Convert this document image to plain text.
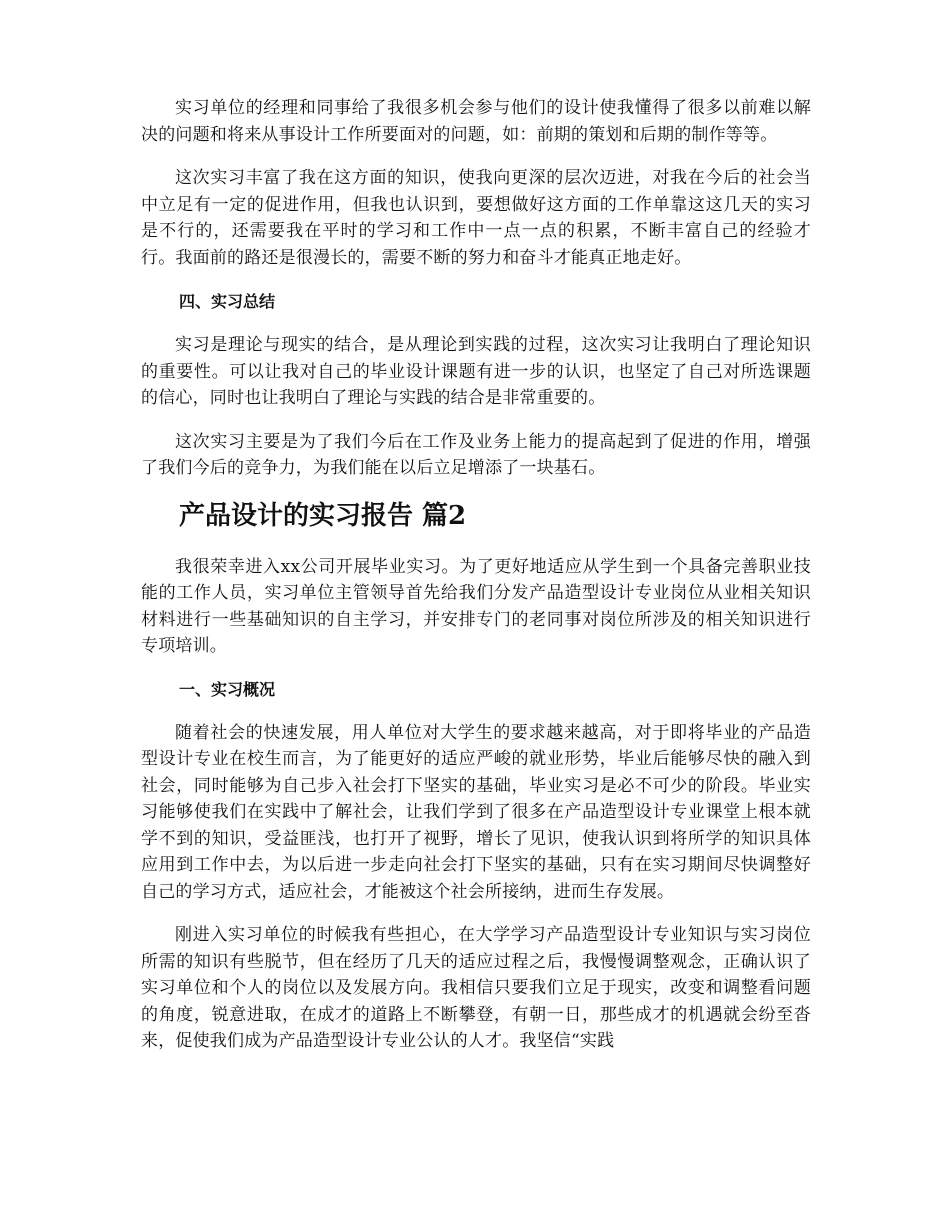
实习单位的经理和同事给了我很多机会参与他们的设计使我懂得了很多以前难以解决的问题和将来从事设计工作所要面对的问题，如：前期的策划和后期的制作等等。

这次实习丰富了我在这方面的知识，使我向更深的层次迈进，对我在今后的社会当中立足有一定的促进作用，但我也认识到，要想做好这方面的工作单靠这这几天的实习是不行的，还需要我在平时的学习和工作中一点一点的积累，不断丰富自己的经验才行。我面前的路还是很漫长的，需要不断的努力和奋斗才能真正地走好。

四、实习总结

实习是理论与现实的结合，是从理论到实践的过程，这次实习让我明白了理论知识的重要性。可以让我对自己的毕业设计课题有进一步的认识，也坚定了自己对所选课题的信心，同时也让我明白了理论与实践的结合是非常重要的。

这次实习主要是为了我们今后在工作及业务上能力的提高起到了促进的作用，增强了我们今后的竞争力，为我们能在以后立足增添了一块基石。

产品设计的实习报告 篇2

我很荣幸进入xx公司开展毕业实习。为了更好地适应从学生到一个具备完善职业技能的工作人员，实习单位主管领导首先给我们分发产品造型设计专业岗位从业相关知识材料进行一些基础知识的自主学习，并安排专门的老同事对岗位所涉及的相关知识进行专项培训。

一、实习概况

随着社会的快速发展，用人单位对大学生的要求越来越高，对于即将毕业的产品造型设计专业在校生而言，为了能更好的适应严峻的就业形势，毕业后能够尽快的融入到社会，同时能够为自己步入社会打下坚实的基础，毕业实习是必不可少的阶段。毕业实习能够使我们在实践中了解社会，让我们学到了很多在产品造型设计专业课堂上根本就学不到的知识，受益匪浅，也打开了视野，增长了见识，使我认识到将所学的知识具体应用到工作中去，为以后进一步走向社会打下坚实的基础，只有在实习期间尽快调整好自己的学习方式，适应社会，才能被这个社会所接纳，进而生存发展。

刚进入实习单位的时候我有些担心，在大学学习产品造型设计专业知识与实习岗位所需的知识有些脱节，但在经历了几天的适应过程之后，我慢慢调整观念，正确认识了实习单位和个人的岗位以及发展方向。我相信只要我们立足于现实，改变和调整看问题的角度，锐意进取，在成才的道路上不断攀登，有朝一日，那些成才的机遇就会纷至沓来，促使我们成为产品造型设计专业公认的人才。我坚信“实践
